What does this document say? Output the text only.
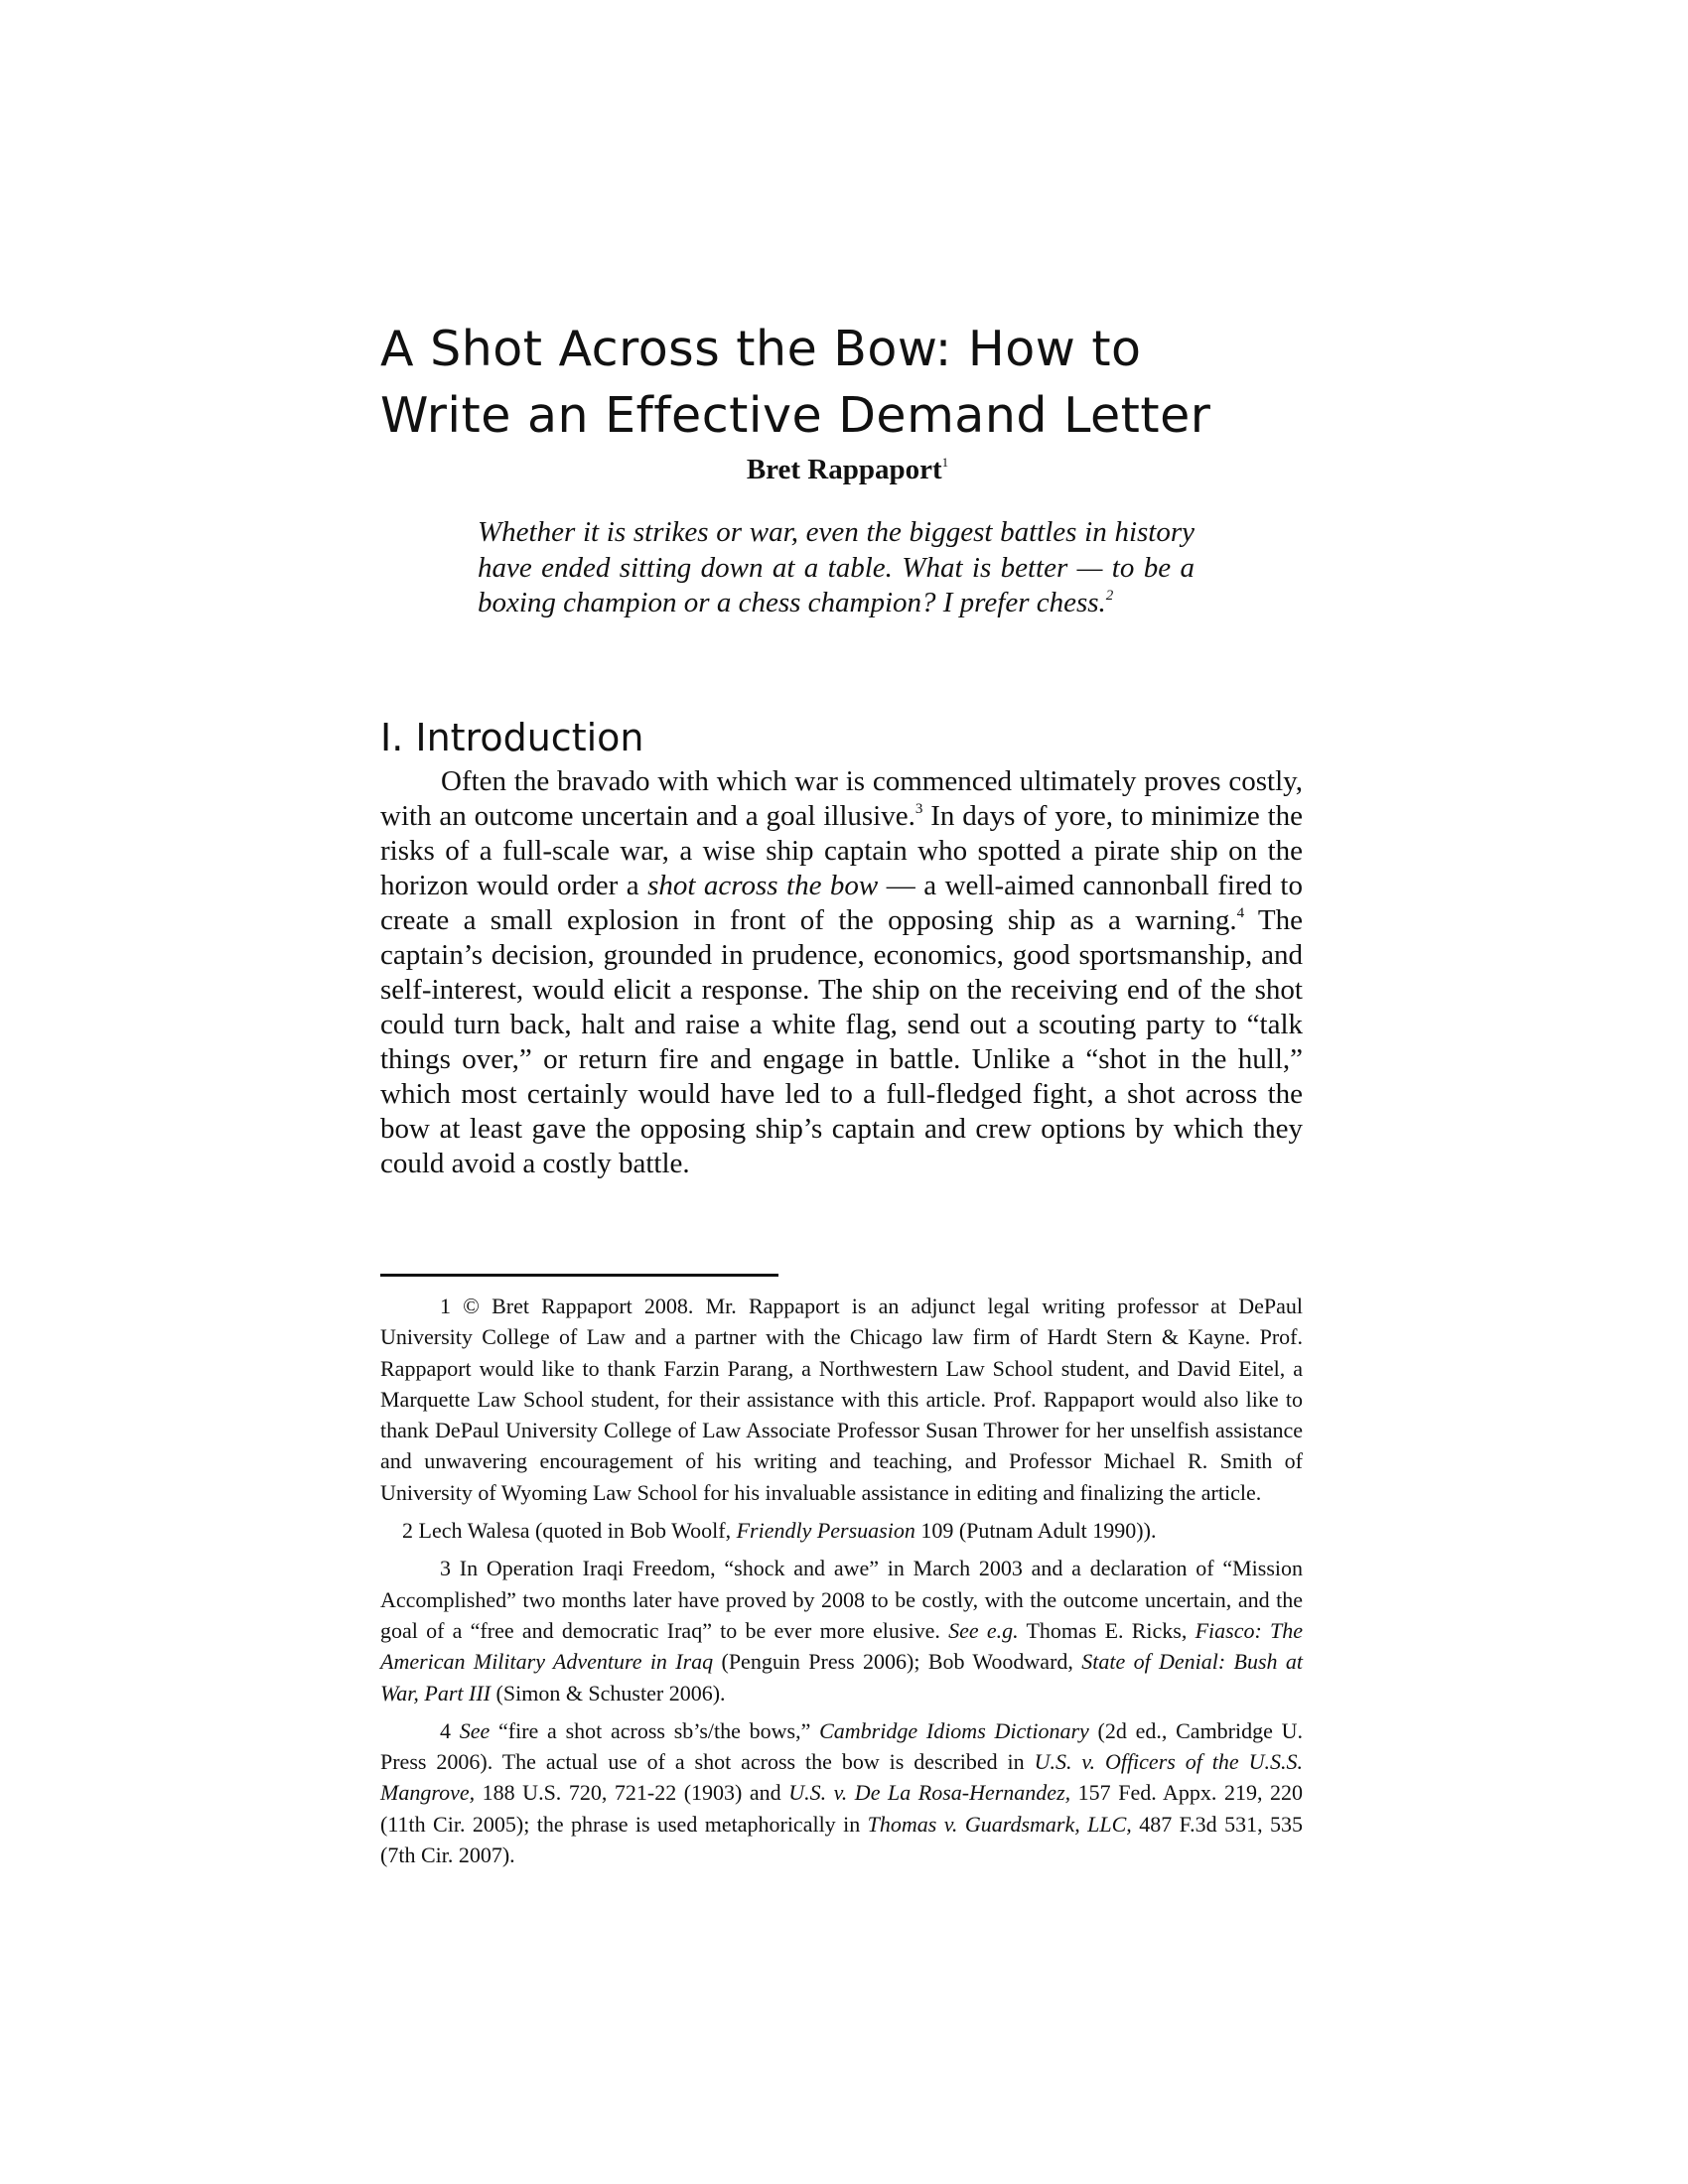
A Shot Across the Bow: How to
Write an Effective Demand Letter
Bret Rappaport$^1$

Whether it is strikes or war, even the biggest battles in history have ended sitting down at a table. What is better — to be a boxing champion or a chess champion? I prefer chess.$^2$

I. Introduction

Often the bravado with which war is commenced ultimately proves costly, with an outcome uncertain and a goal illusive.$^3$ In days of yore, to minimize the risks of a full-scale war, a wise ship captain who spotted a pirate ship on the horizon would order a shot across the bow — a well-aimed cannonball fired to create a small explosion in front of the opposing ship as a warning.$^4$ The captain’s decision, grounded in prudence, economics, good sportsmanship, and self-interest, would elicit a response. The ship on the receiving end of the shot could turn back, halt and raise a white flag, send out a scouting party to “talk things over,” or return fire and engage in battle. Unlike a “shot in the hull,” which most certainly would have led to a full-fledged fight, a shot across the bow at least gave the opposing ship’s captain and crew options by which they could avoid a costly battle.

1 © Bret Rappaport 2008. Mr. Rappaport is an adjunct legal writing professor at DePaul University College of Law and a partner with the Chicago law firm of Hardt Stern & Kayne. Prof. Rappaport would like to thank Farzin Parang, a Northwestern Law School student, and David Eitel, a Marquette Law School student, for their assistance with this article. Prof. Rappaport would also like to thank DePaul University College of Law Associate Professor Susan Thrower for her unselfish assistance and unwavering encouragement of his writing and teaching, and Professor Michael R. Smith of University of Wyoming Law School for his invaluable assistance in editing and finalizing the article.

2 Lech Walesa (quoted in Bob Woolf, Friendly Persuasion 109 (Putnam Adult 1990)).

3 In Operation Iraqi Freedom, “shock and awe” in March 2003 and a declaration of “Mission Accomplished” two months later have proved by 2008 to be costly, with the outcome uncertain, and the goal of a “free and democratic Iraq” to be ever more elusive. See e.g. Thomas E. Ricks, Fiasco: The American Military Adventure in Iraq (Penguin Press 2006); Bob Woodward, State of Denial: Bush at War, Part III (Simon & Schuster 2006).

4 See “fire a shot across sb’s/the bows,” Cambridge Idioms Dictionary (2d ed., Cambridge U. Press 2006). The actual use of a shot across the bow is described in U.S. v. Officers of the U.S.S. Mangrove, 188 U.S. 720, 721-22 (1903) and U.S. v. De La Rosa-Hernandez, 157 Fed. Appx. 219, 220 (11th Cir. 2005); the phrase is used metaphorically in Thomas v. Guardsmark, LLC, 487 F.3d 531, 535 (7th Cir. 2007).
